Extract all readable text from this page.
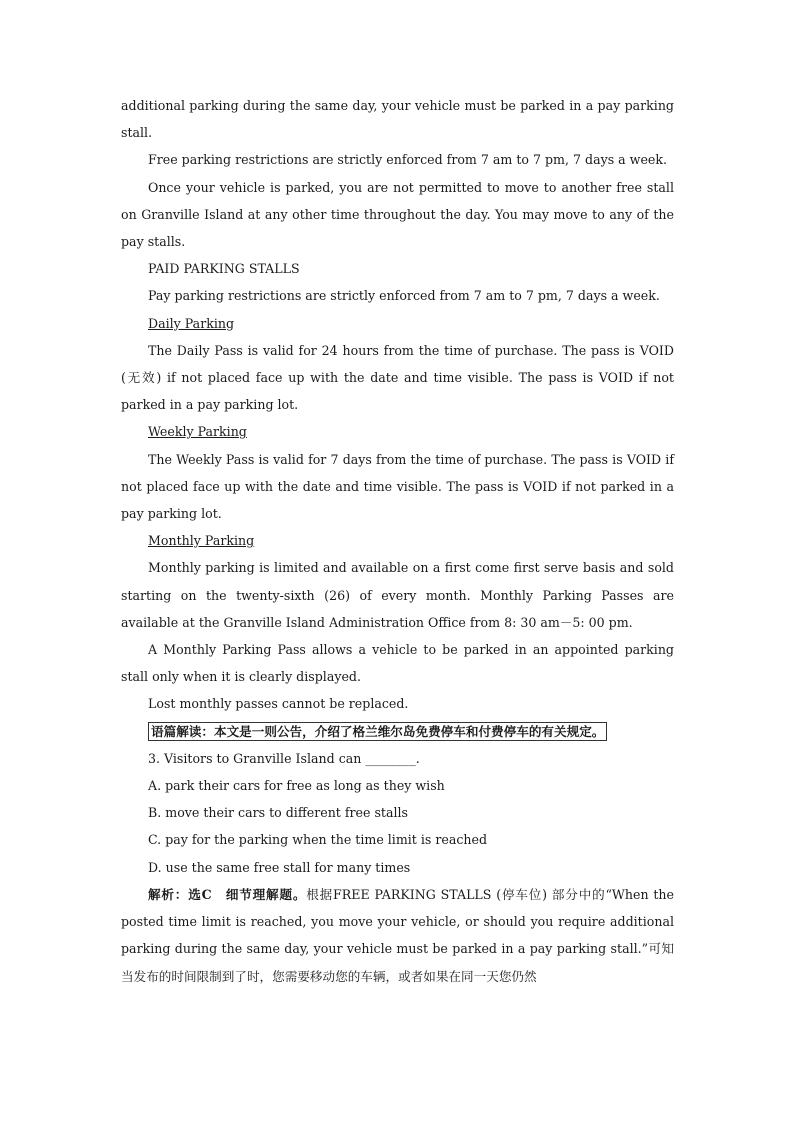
additional parking during the same day, your vehicle must be parked in a pay parking stall.

Free parking restrictions are strictly enforced from 7 am to 7 pm, 7 days a week.

Once your vehicle is parked, you are not permitted to move to another free stall on Granville Island at any other time throughout the day. You may move to any of the pay stalls.

PAID PARKING STALLS

Pay parking restrictions are strictly enforced from 7 am to 7 pm, 7 days a week.

Daily Parking

The Daily Pass is valid for 24 hours from the time of purchase. The pass is VOID (无效) if not placed face up with the date and time visible. The pass is VOID if not parked in a pay parking lot.

Weekly Parking

The Weekly Pass is valid for 7 days from the time of purchase. The pass is VOID if not placed face up with the date and time visible. The pass is VOID if not parked in a pay parking lot.

Monthly Parking

Monthly parking is limited and available on a first come first serve basis and sold starting on the twenty-sixth (26) of every month. Monthly Parking Passes are available at the Granville Island Administration Office from 8: 30 am－5: 00 pm.

A Monthly Parking Pass allows a vehicle to be parked in an appointed parking stall only when it is clearly displayed.

Lost monthly passes cannot be replaced.

语篇解读：本文是一则公告，介绍了格兰维尔岛免费停车和付费停车的有关规定。

3. Visitors to Granville Island can ________.

A. park their cars for free as long as they wish

B. move their cars to different free stalls

C. pay for the parking when the time limit is reached

D. use the same free stall for many times

解析：选C　细节理解题。根据FREE PARKING STALLS (停车位) 部分中的“When the posted time limit is reached, you move your vehicle, or should you require additional parking during the same day, your vehicle must be parked in a pay parking stall.”可知当发布的时间限制到了时，您需要移动您的车辆，或者如果在同一天您仍然
